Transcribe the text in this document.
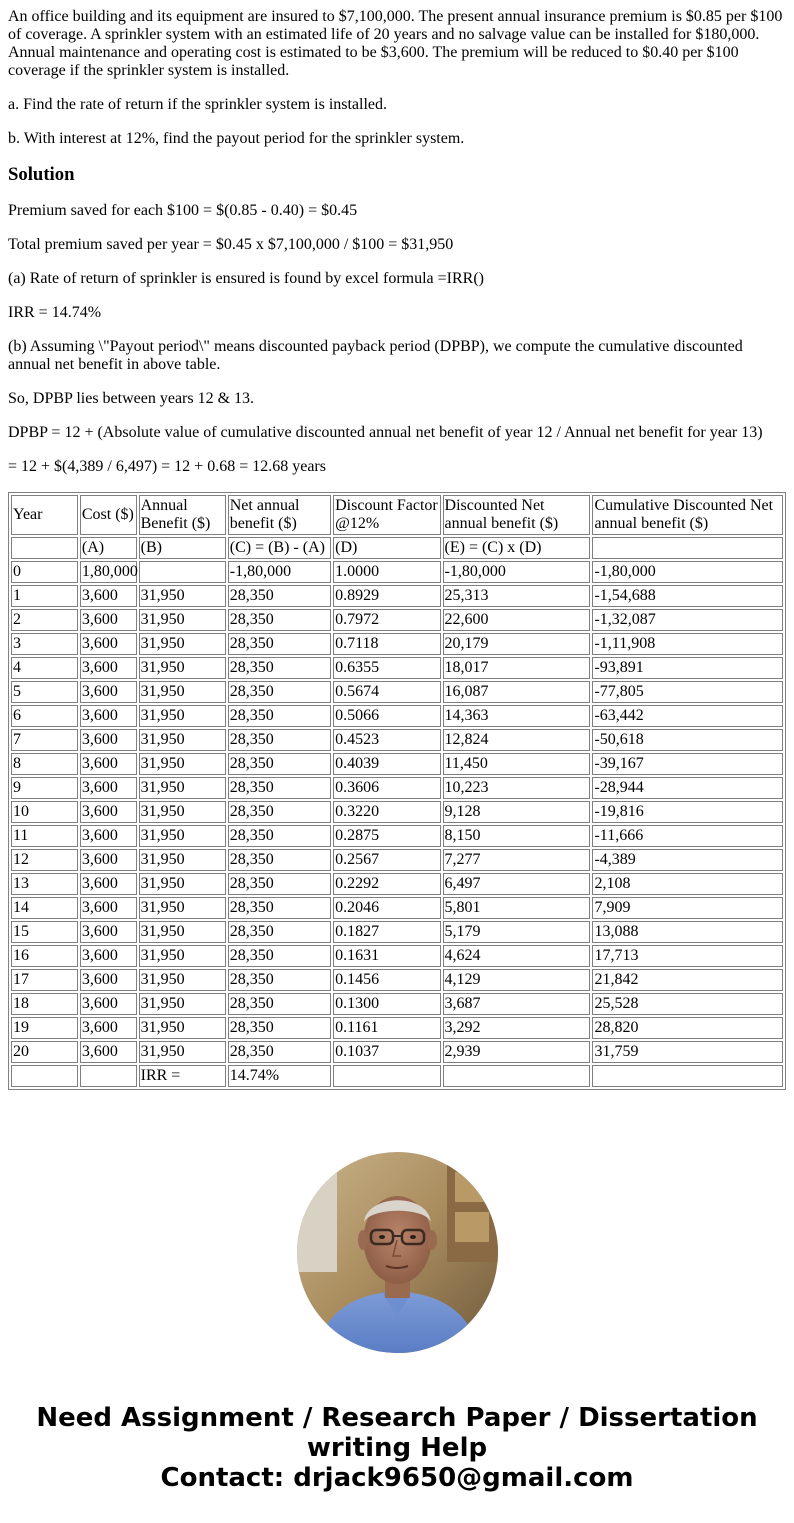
An office building and its equipment are insured to $7,100,000. The present annual insurance premium is $0.85 per $100 of coverage. A sprinkler system with an estimated life of 20 years and no salvage value can be installed for $180,000. Annual maintenance and operating cost is estimated to be $3,600. The premium will be reduced to $0.40 per $100 coverage if the sprinkler system is installed.

a. Find the rate of return if the sprinkler system is installed.

b. With interest at 12%, find the payout period for the sprinkler system.

Solution

Premium saved for each $100 = $(0.85 - 0.40) = $0.45

Total premium saved per year = $0.45 x $7,100,000 / $100 = $31,950

(a) Rate of return of sprinkler is ensured is found by excel formula =IRR()

IRR = 14.74%

(b) Assuming \"Payout period\" means discounted payback period (DPBP), we compute the cumulative discounted annual net benefit in above table.

So, DPBP lies between years 12 & 13.

DPBP = 12 + (Absolute value of cumulative discounted annual net benefit of year 12 / Annual net benefit for year 13)

= 12 + $(4,389 / 6,497) = 12 + 0.68 = 12.68 years

Year	Cost ($)	Annual Benefit ($)	Net annual benefit ($)	Discount Factor @12%	Discounted Net annual benefit ($)	Cumulative Discounted Net annual benefit ($)
	(A)	(B)	(C) = (B) - (A)	(D)	(E) = (C) x (D)	
0	1,80,000		-1,80,000	1.0000	-1,80,000	-1,80,000
1	3,600	31,950	28,350	0.8929	25,313	-1,54,688
2	3,600	31,950	28,350	0.7972	22,600	-1,32,087
3	3,600	31,950	28,350	0.7118	20,179	-1,11,908
4	3,600	31,950	28,350	0.6355	18,017	-93,891
5	3,600	31,950	28,350	0.5674	16,087	-77,805
6	3,600	31,950	28,350	0.5066	14,363	-63,442
7	3,600	31,950	28,350	0.4523	12,824	-50,618
8	3,600	31,950	28,350	0.4039	11,450	-39,167
9	3,600	31,950	28,350	0.3606	10,223	-28,944
10	3,600	31,950	28,350	0.3220	9,128	-19,816
11	3,600	31,950	28,350	0.2875	8,150	-11,666
12	3,600	31,950	28,350	0.2567	7,277	-4,389
13	3,600	31,950	28,350	0.2292	6,497	2,108
14	3,600	31,950	28,350	0.2046	5,801	7,909
15	3,600	31,950	28,350	0.1827	5,179	13,088
16	3,600	31,950	28,350	0.1631	4,624	17,713
17	3,600	31,950	28,350	0.1456	4,129	21,842
18	3,600	31,950	28,350	0.1300	3,687	25,528
19	3,600	31,950	28,350	0.1161	3,292	28,820
20	3,600	31,950	28,350	0.1037	2,939	31,759
		IRR =	14.74%			
Need Assignment / Research Paper / Dissertation
writing Help
Contact: drjack9650@gmail.com
